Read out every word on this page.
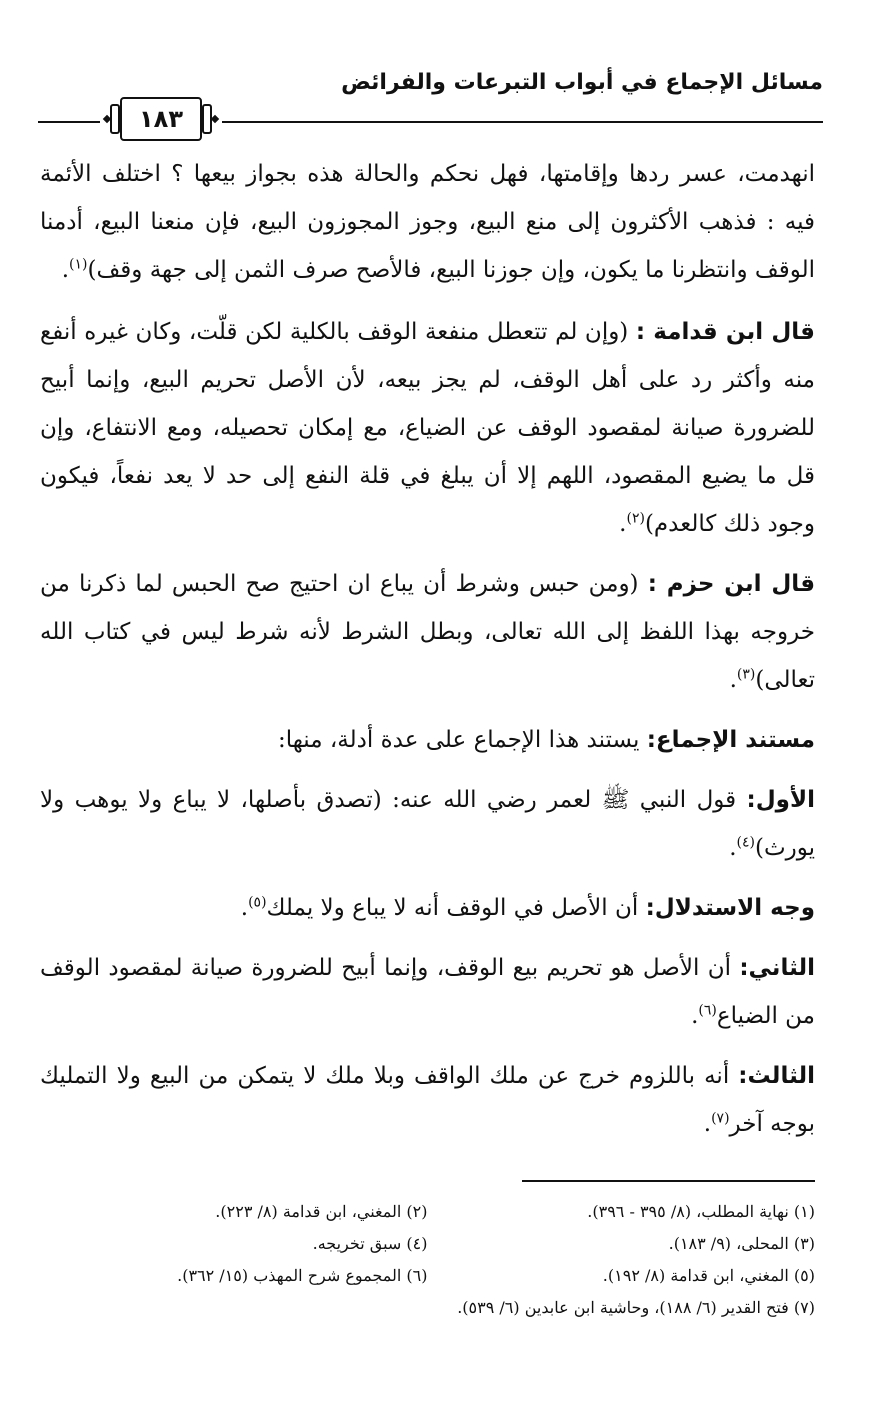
مسائل الإجماع في أبواب التبرعات والفرائض
١٨٣

انهدمت، عسر ردها وإقامتها، فهل نحكم والحالة هذه بجواز بيعها ؟ اختلف الأئمة فيه : فذهب الأكثرون إلى منع البيع، وجوز المجوزون البيع، فإن منعنا البيع، أدمنا الوقف وانتظرنا ما يكون، وإن جوزنا البيع، فالأصح صرف الثمن إلى جهة وقف)$^{(١)}$.

قال ابن قدامة : (وإن لم تتعطل منفعة الوقف بالكلية لكن قلّت، وكان غيره أنفع منه وأكثر رد على أهل الوقف، لم يجز بيعه، لأن الأصل تحريم البيع، وإنما أبيح للضرورة صيانة لمقصود الوقف عن الضياع، مع إمكان تحصيله، ومع الانتفاع، وإن قل ما يضيع المقصود، اللهم إلا أن يبلغ في قلة النفع إلى حد لا يعد نفعاً، فيكون وجود ذلك كالعدم)$^{(٢)}$.

قال ابن حزم : (ومن حبس وشرط أن يباع ان احتيج صح الحبس لما ذكرنا من خروجه بهذا اللفظ إلى الله تعالى، وبطل الشرط لأنه شرط ليس في كتاب الله تعالى)$^{(٣)}$.

مستند الإجماع: يستند هذا الإجماع على عدة أدلة، منها:

الأول: قول النبي ﷺ لعمر رضي الله عنه: (تصدق بأصلها، لا يباع ولا يوهب ولا يورث)$^{(٤)}$.

وجه الاستدلال: أن الأصل في الوقف أنه لا يباع ولا يملك$^{(٥)}$.

الثاني: أن الأصل هو تحريم بيع الوقف، وإنما أبيح للضرورة صيانة لمقصود الوقف من الضياع$^{(٦)}$.

الثالث: أنه باللزوم خرج عن ملك الواقف وبلا ملك لا يتمكن من البيع ولا التمليك بوجه آخر$^{(٧)}$.

(١) نهاية المطلب، (٨/ ٣٩٥ - ٣٩٦).
(٢) المغني، ابن قدامة (٨/ ٢٢٣).
(٣) المحلى، (٩/ ١٨٣).
(٤) سبق تخريجه.
(٥) المغني، ابن قدامة (٨/ ١٩٢).
(٦) المجموع شرح المهذب (١٥/ ٣٦٢).
(٧) فتح القدير (٦/ ١٨٨)، وحاشية ابن عابدين (٦/ ٥٣٩).
